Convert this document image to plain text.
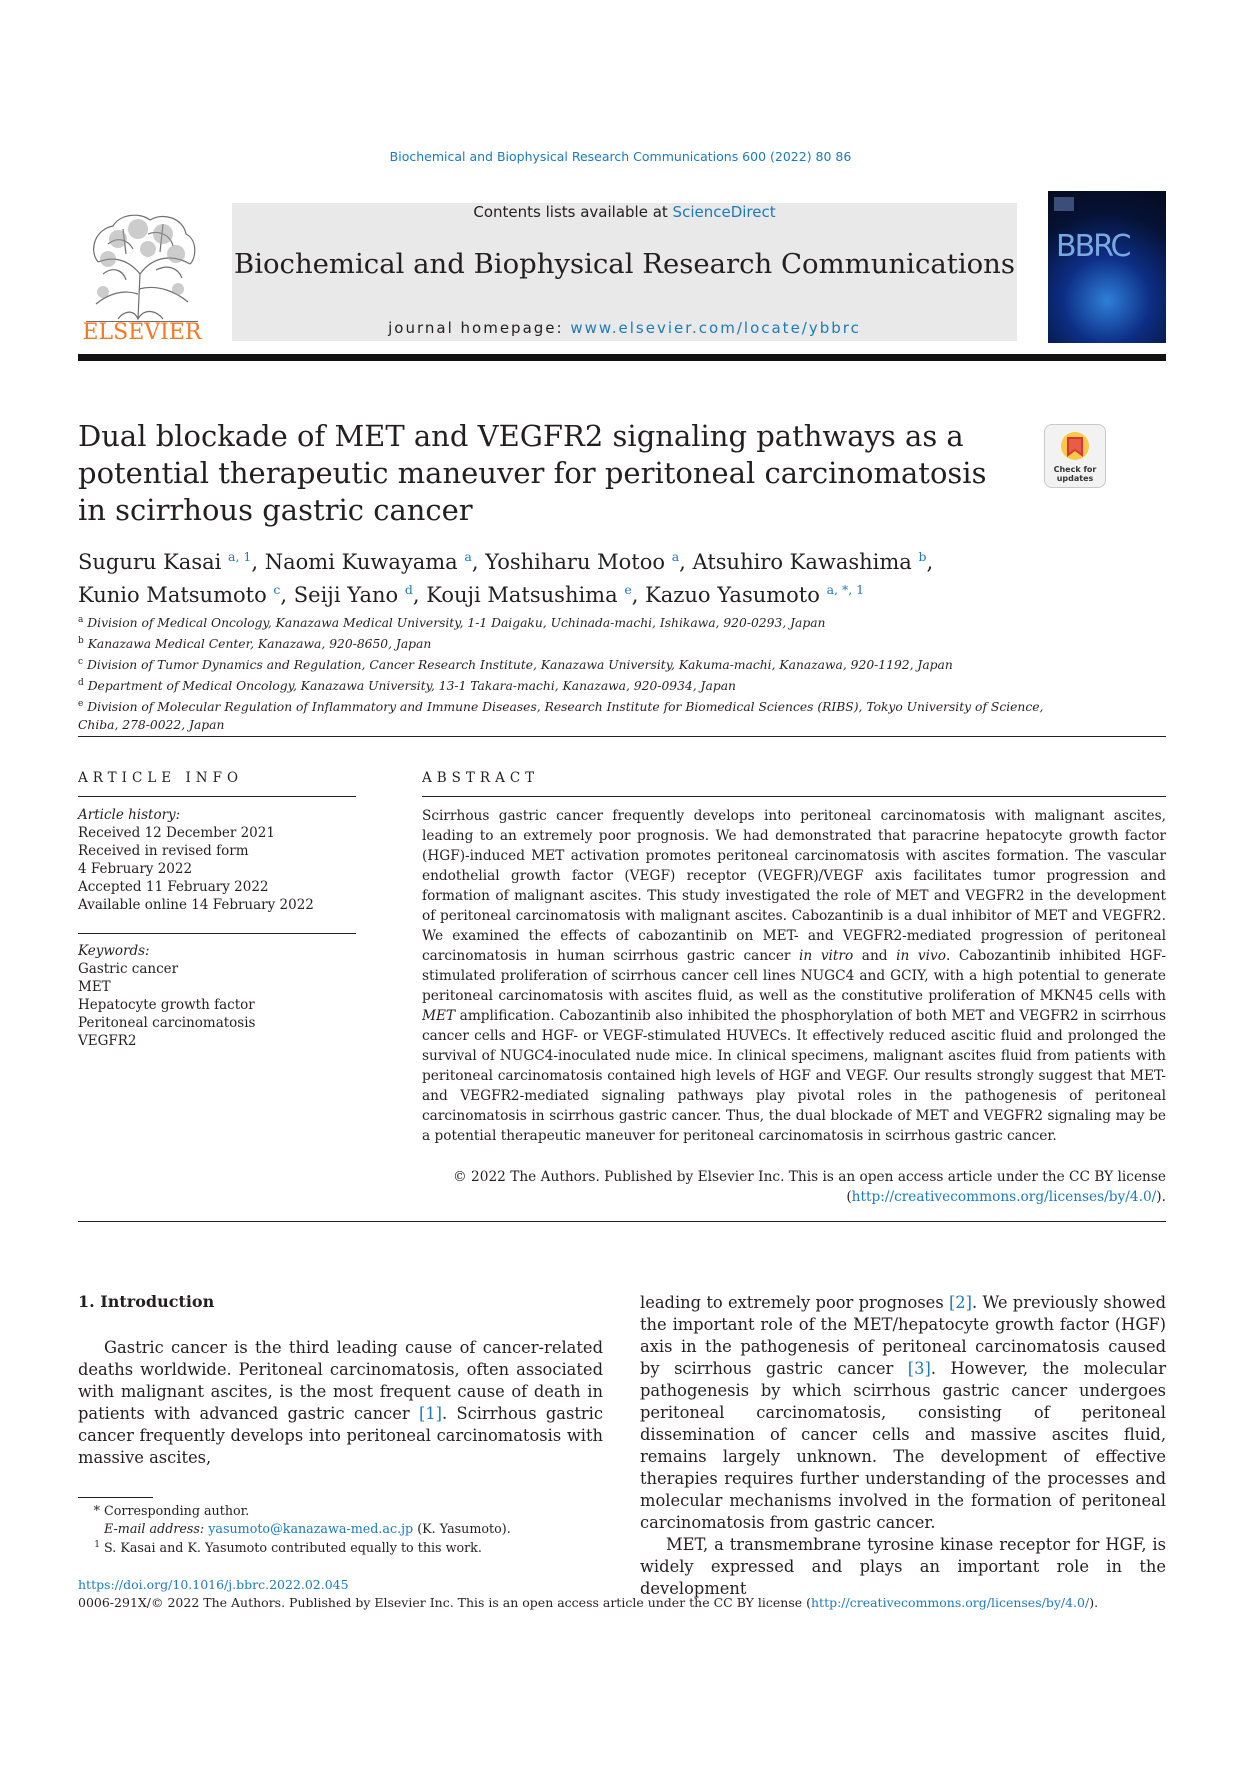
Biochemical and Biophysical Research Communications 600 (2022) 80 86
ELSEVIER
Contents lists available at ScienceDirect
Biochemical and Biophysical Research Communications
journal homepage: www.elsevier.com/locate/ybbrc
BBRC
Dual blockade of MET and VEGFR2 signaling pathways as a potential therapeutic maneuver for peritoneal carcinomatosis in scirrhous gastric cancer
Check for updates
Suguru Kasai $^{a, 1}$, Naomi Kuwayama $^a$, Yoshiharu Motoo $^a$, Atsuhiro Kawashima $^b$,
Kunio Matsumoto $^c$, Seiji Yano $^d$, Kouji Matsushima $^e$, Kazuo Yasumoto $^{a, *, 1}$
$^a$ Division of Medical Oncology, Kanazawa Medical University, 1-1 Daigaku, Uchinada-machi, Ishikawa, 920-0293, Japan
$^b$ Kanazawa Medical Center, Kanazawa, 920-8650, Japan
$^c$ Division of Tumor Dynamics and Regulation, Cancer Research Institute, Kanazawa University, Kakuma-machi, Kanazawa, 920-1192, Japan
$^d$ Department of Medical Oncology, Kanazawa University, 13-1 Takara-machi, Kanazawa, 920-0934, Japan
$^e$ Division of Molecular Regulation of Inflammatory and Immune Diseases, Research Institute for Biomedical Sciences (RIBS), Tokyo University of Science, Chiba, 278-0022, Japan
ARTICLE INFO
Article history:
Received 12 December 2021
Received in revised form
4 February 2022
Accepted 11 February 2022
Available online 14 February 2022
Keywords:
Gastric cancer
MET
Hepatocyte growth factor
Peritoneal carcinomatosis
VEGFR2
ABSTRACT
Scirrhous gastric cancer frequently develops into peritoneal carcinomatosis with malignant ascites, leading to an extremely poor prognosis. We had demonstrated that paracrine hepatocyte growth factor (HGF)-induced MET activation promotes peritoneal carcinomatosis with ascites formation. The vascular endothelial growth factor (VEGF) receptor (VEGFR)/VEGF axis facilitates tumor progression and formation of malignant ascites. This study investigated the role of MET and VEGFR2 in the development of peritoneal carcinomatosis with malignant ascites. Cabozantinib is a dual inhibitor of MET and VEGFR2. We examined the effects of cabozantinib on MET- and VEGFR2-mediated progression of peritoneal carcinomatosis in human scirrhous gastric cancer in vitro and in vivo. Cabozantinib inhibited HGF-stimulated proliferation of scirrhous cancer cell lines NUGC4 and GCIY, with a high potential to generate peritoneal carcinomatosis with ascites fluid, as well as the constitutive proliferation of MKN45 cells with MET amplification. Cabozantinib also inhibited the phosphorylation of both MET and VEGFR2 in scirrhous cancer cells and HGF- or VEGF-stimulated HUVECs. It effectively reduced ascitic fluid and prolonged the survival of NUGC4-inoculated nude mice. In clinical specimens, malignant ascites fluid from patients with peritoneal carcinomatosis contained high levels of HGF and VEGF. Our results strongly suggest that MET- and VEGFR2-mediated signaling pathways play pivotal roles in the pathogenesis of peritoneal carcinomatosis in scirrhous gastric cancer. Thus, the dual blockade of MET and VEGFR2 signaling may be a potential therapeutic maneuver for peritoneal carcinomatosis in scirrhous gastric cancer.
© 2022 The Authors. Published by Elsevier Inc. This is an open access article under the CC BY license
(http://creativecommons.org/licenses/by/4.0/).
1. Introduction
Gastric cancer is the third leading cause of cancer-related deaths worldwide. Peritoneal carcinomatosis, often associated with malignant ascites, is the most frequent cause of death in patients with advanced gastric cancer [1]. Scirrhous gastric cancer frequently develops into peritoneal carcinomatosis with massive ascites,
leading to extremely poor prognoses [2]. We previously showed the important role of the MET/hepatocyte growth factor (HGF) axis in the pathogenesis of peritoneal carcinomatosis caused by scirrhous gastric cancer [3]. However, the molecular pathogenesis by which scirrhous gastric cancer undergoes peritoneal carcinomatosis, consisting of peritoneal dissemination of cancer cells and massive ascites fluid, remains largely unknown. The development of effective therapies requires further understanding of the processes and molecular mechanisms involved in the formation of peritoneal carcinomatosis from gastric cancer.
MET, a transmembrane tyrosine kinase receptor for HGF, is widely expressed and plays an important role in the development
* Corresponding author.
E-mail address: yasumoto@kanazawa-med.ac.jp (K. Yasumoto).
$^1$ S. Kasai and K. Yasumoto contributed equally to this work.
https://doi.org/10.1016/j.bbrc.2022.02.045
0006-291X/© 2022 The Authors. Published by Elsevier Inc. This is an open access article under the CC BY license (http://creativecommons.org/licenses/by/4.0/).
